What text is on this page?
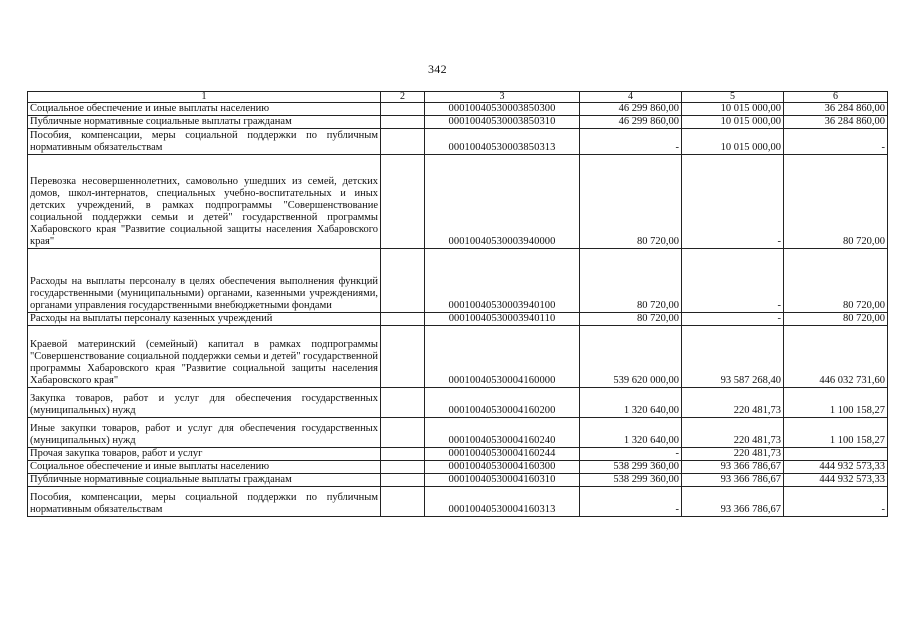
342
1	2	3	4	5	6
Социальное обеспечение и иные выплаты населению		00010040530003850300	46 299 860,00	10 015 000,00	36 284 860,00
Публичные нормативные социальные выплаты гражданам		00010040530003850310	46 299 860,00	10 015 000,00	36 284 860,00
Пособия, компенсации, меры социальной поддержки по публичным нормативным обязательствам		00010040530003850313	-	10 015 000,00	-
Перевозка несовершеннолетних, самовольно ушедших из семей, детских домов, школ-интернатов, специальных учебно-воспитательных и иных детских учреждений, в рамках подпрограммы "Совершенствование социальной поддержки семьи и детей" государственной программы Хабаровского края "Развитие социальной защиты населения Хабаровского края"		00010040530003940000	80 720,00	-	80 720,00
Расходы на выплаты персоналу в целях обеспечения выполнения функций государственными (муниципальными) органами, казенными учреждениями, органами управления государственными внебюджетными фондами		00010040530003940100	80 720,00	-	80 720,00
Расходы на выплаты персоналу казенных учреждений		00010040530003940110	80 720,00	-	80 720,00
Краевой материнский (семейный) капитал в рамках подпрограммы "Совершенствование социальной поддержки семьи и детей" государственной программы Хабаровского края "Развитие социальной защиты населения Хабаровского края"		00010040530004160000	539 620 000,00	93 587 268,40	446 032 731,60
Закупка товаров, работ и услуг для обеспечения государственных (муниципальных) нужд		00010040530004160200	1 320 640,00	220 481,73	1 100 158,27
Иные закупки товаров, работ и услуг для обеспечения государственных (муниципальных) нужд		00010040530004160240	1 320 640,00	220 481,73	1 100 158,27
Прочая закупка товаров, работ и услуг		00010040530004160244	-	220 481,73	
Социальное обеспечение и иные выплаты населению		00010040530004160300	538 299 360,00	93 366 786,67	444 932 573,33
Публичные нормативные социальные выплаты гражданам		00010040530004160310	538 299 360,00	93 366 786,67	444 932 573,33
Пособия, компенсации, меры социальной поддержки по публичным нормативным обязательствам		00010040530004160313	-	93 366 786,67	-
